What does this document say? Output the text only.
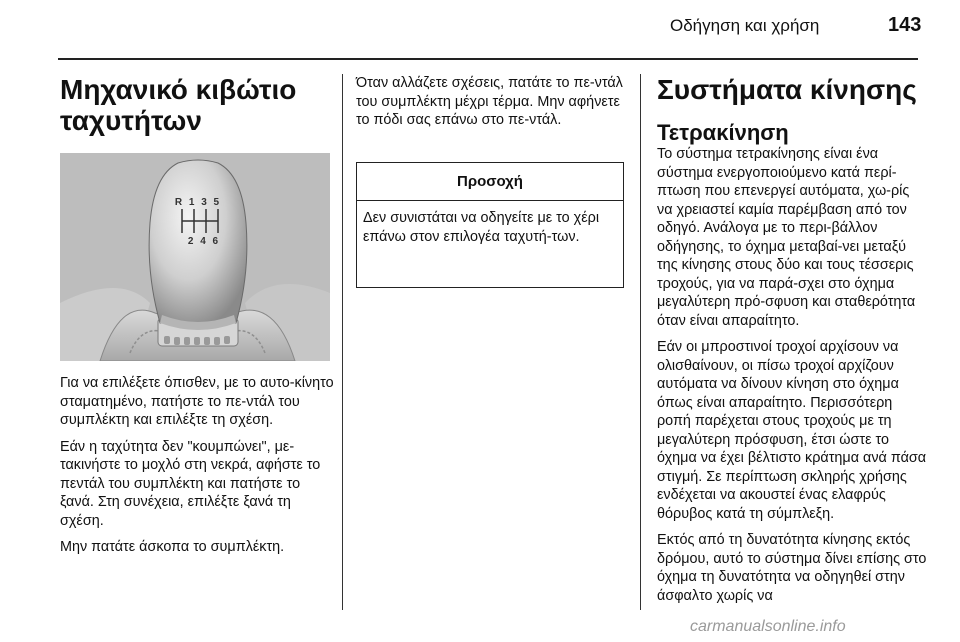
Οδήγηση και χρήση	143
Μηχανικό κιβώτιο
ταχυτήτων
R 1 3 5
2 4 6

Για να επιλέξετε όπισθεν, με το αυτο-κίνητο σταματημένο, πατήστε το πε-ντάλ του συμπλέκτη και επιλέξτε τη σχέση.

Εάν η ταχύτητα δεν "κουμπώνει", με-τακινήστε το μοχλό στη νεκρά, αφήστε το πεντάλ του συμπλέκτη και πατήστε το ξανά. Στη συνέχεια, επιλέξτε ξανά τη σχέση.

Μην πατάτε άσκοπα το συμπλέκτη.

Όταν αλλάζετε σχέσεις, πατάτε το πε-ντάλ του συμπλέκτη μέχρι τέρμα. Μην αφήνετε το πόδι σας επάνω στο πε-ντάλ.

Προσοχή
Δεν συνιστάται να οδηγείτε με το χέρι επάνω στον επιλογέα ταχυτή-των.
Συστήματα κίνησης
Τετρακίνηση

Το σύστημα τετρακίνησης είναι ένα σύστημα ενεργοποιούμενο κατά περί-πτωση που επενεργεί αυτόματα, χω-ρίς να χρειαστεί καμία παρέμβαση από τον οδηγό. Ανάλογα με το περι-βάλλον οδήγησης, το όχημα μεταβαί-νει μεταξύ της κίνησης στους δύο και τους τέσσερις τροχούς, για να παρά-σχει στο όχημα μεγαλύτερη πρό-σφυση και σταθερότητα όταν είναι απαραίτητο.

Εάν οι μπροστινοί τροχοί αρχίσουν να ολισθαίνουν, οι πίσω τροχοί αρχίζουν αυτόματα να δίνουν κίνηση στο όχημα όπως είναι απαραίτητο. Περισσότερη ροπή παρέχεται στους τροχούς με τη μεγαλύτερη πρόσφυση, έτσι ώστε το όχημα να έχει βέλτιστο κράτημα ανά πάσα στιγμή. Σε περίπτωση σκληρής χρήσης ενδέχεται να ακουστεί ένας ελαφρύς θόρυβος κατά τη σύμπλεξη.

Εκτός από τη δυνατότητα κίνησης εκτός δρόμου, αυτό το σύστημα δίνει επίσης στο όχημα τη δυνατότητα να οδηγηθεί στην άσφαλτο χωρίς να

carmanualsonline.info
